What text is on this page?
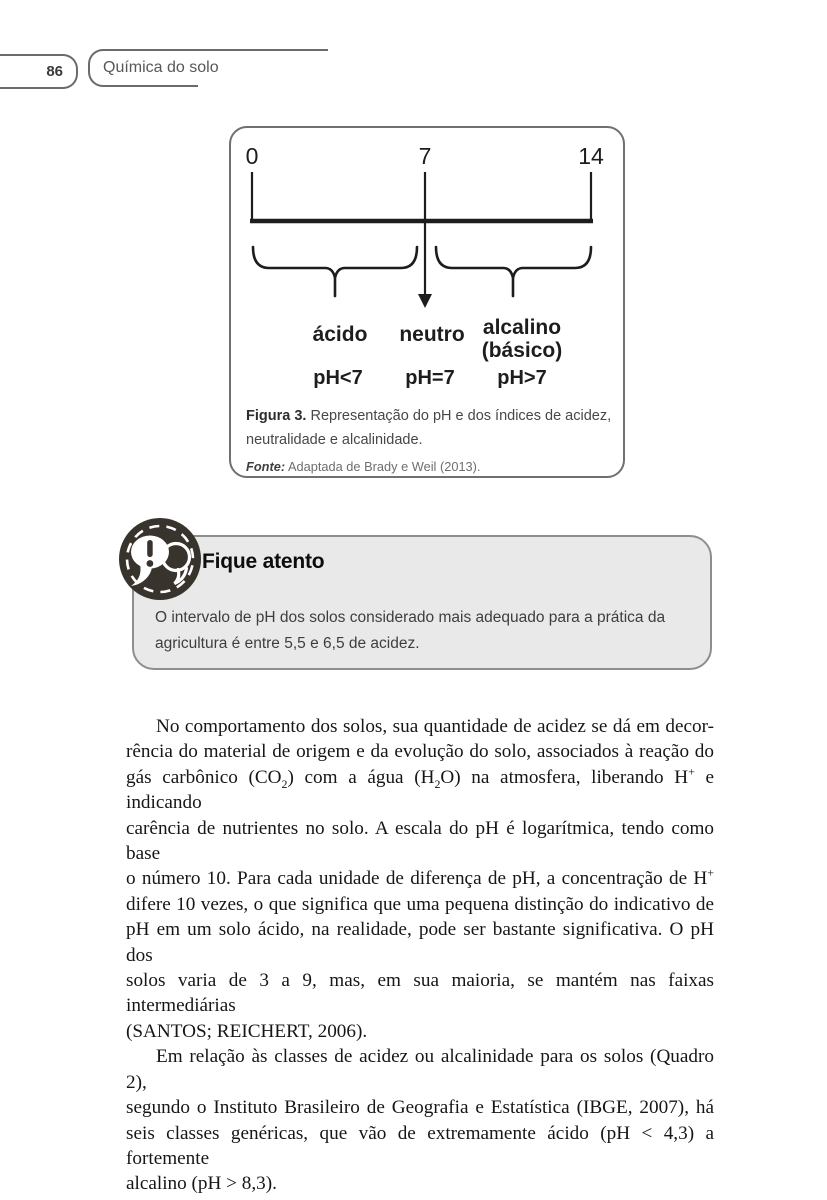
86	Química do solo
0	7	14
ácido neutro alcalino
(básico)
pH<7 pH=7 pH>7
Figura 3. Representação do pH e dos índices de acidez, neutralidade e alcalinidade.
Fonte: Adaptada de Brady e Weil (2013).
Fique atento
O intervalo de pH dos solos considerado mais adequado para a prática da agricultura é entre 5,5 e 6,5 de acidez.
No comportamento dos solos, sua quantidade de acidez se dá em decor-
rência do material de origem e da evolução do solo, associados à reação do
gás carbônico $(CO_2)$ com a água $(H_2O)$ na atmosfera, liberando H+ e indicando
carência de nutrientes no solo. A escala do pH é logarítmica, tendo como base
o número 10. Para cada unidade de diferença de pH, a concentração de H+
difere 10 vezes, o que significa que uma pequena distinção do indicativo de
pH em um solo ácido, na realidade, pode ser bastante significativa. O pH dos
solos varia de 3 a 9, mas, em sua maioria, se mantém nas faixas intermediárias
(SANTOS; REICHERT, 2006).
Em relação às classes de acidez ou alcalinidade para os solos (Quadro 2),
segundo o Instituto Brasileiro de Geografia e Estatística (IBGE, 2007), há
seis classes genéricas, que vão de extremamente ácido (pH < 4,3) a fortemente
alcalino (pH > 8,3).
